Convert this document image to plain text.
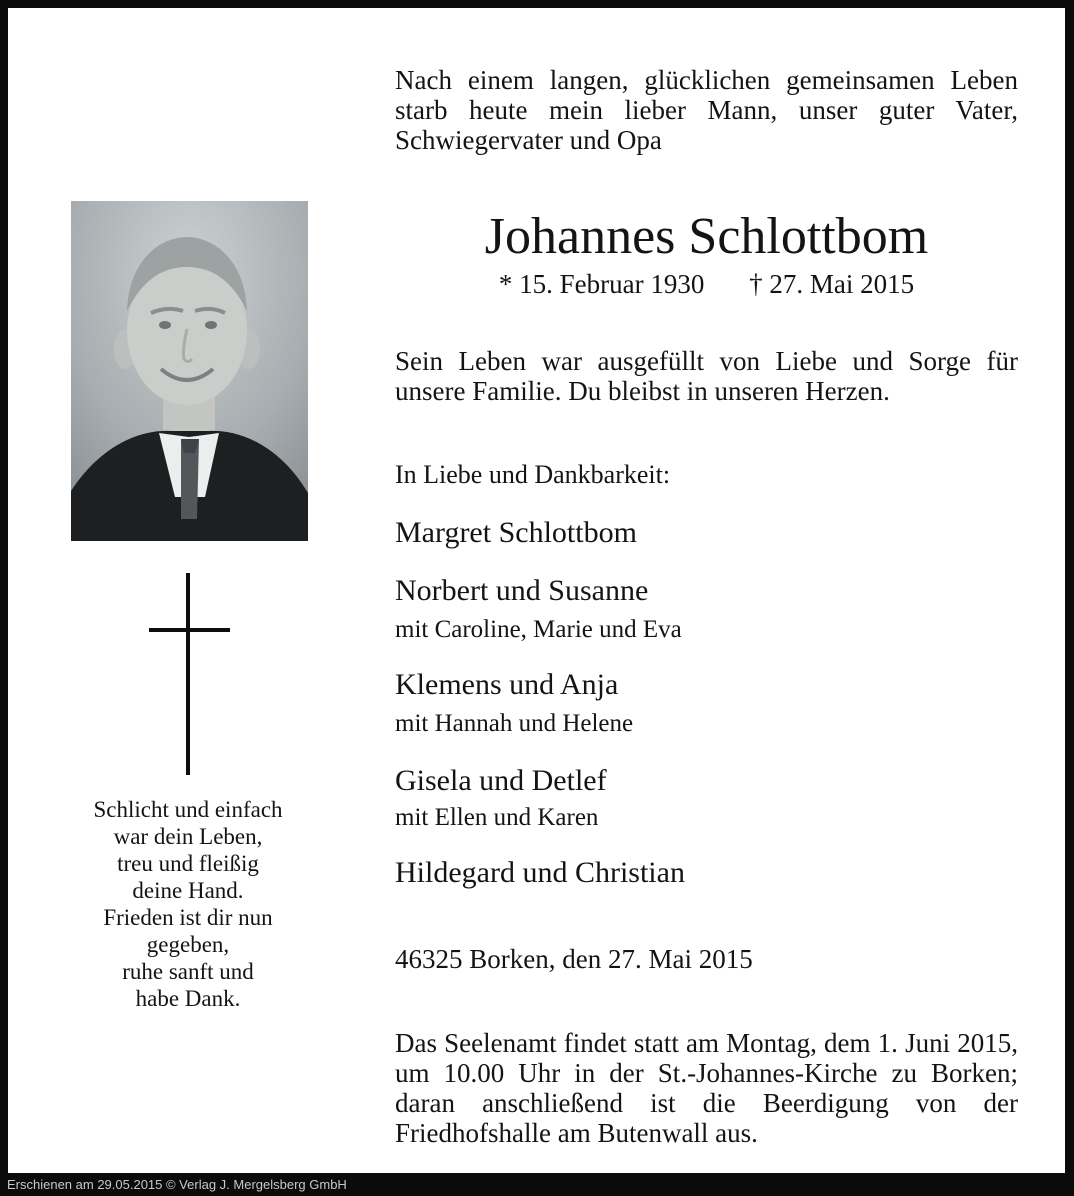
Schlicht und einfach
war dein Leben,
treu und fleißig
deine Hand.
Frieden ist dir nun
gegeben,
ruhe sanft und
habe Dank.
Nach einem langen, glücklichen gemeinsamen Leben starb heute mein lieber Mann, unser guter Vater, Schwiegervater und Opa
Johannes Schlottbom
* 15. Februar 1930 † 27. Mai 2015
Sein Leben war ausgefüllt von Liebe und Sorge für unsere Familie. Du bleibst in unseren Herzen.
In Liebe und Dankbarkeit:
Margret Schlottbom
Norbert und Susanne
mit Caroline, Marie und Eva
Klemens und Anja
mit Hannah und Helene
Gisela und Detlef
mit Ellen und Karen
Hildegard und Christian
46325 Borken, den 27. Mai 2015
Das Seelenamt findet statt am Montag, dem 1. Juni 2015, um 10.00 Uhr in der St.-Johannes-Kirche zu Borken; daran anschließend ist die Beerdigung von der Friedhofshalle am Butenwall aus.
Erschienen am 29.05.2015 © Verlag J. Mergelsberg GmbH
